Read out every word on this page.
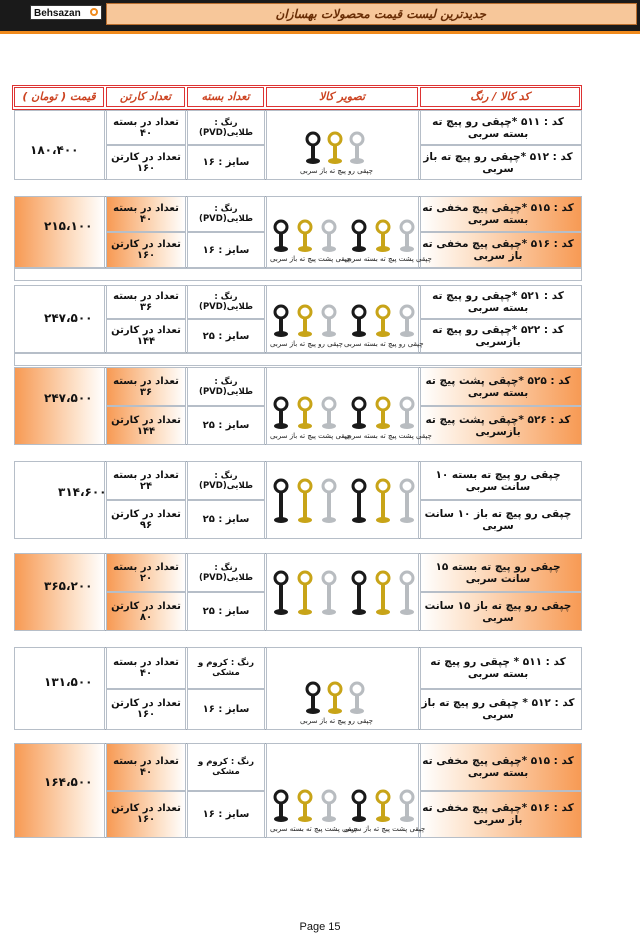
Behsazan	جدیدترین لیست قیمت محصولات بهسازان
کد کالا / رنگ
تصویر کالا
تعداد بسته
تعداد کارتن
قیمت ( تومان )
کد : ۵۱۱ *چپقی رو پیچ ته بسته سربی
کد : ۵۱۲ *چپقی رو پیچ ته باز سربی
رنگ : طلایی(PVD)
سایز : ۱۶
تعداد در بسته ۴۰
تعداد در کارتن ۱۶۰
۱۸۰،۴۰۰
چپقی رو پیچ ته باز سربی
کد : ۵۱۵ *چپقی پیچ مخفی ته بسته سربی
کد : ۵۱۶ *چپقی پیچ مخفی ته باز سربی
رنگ : طلایی(PVD)
سایز : ۱۶
تعداد در بسته ۴۰
تعداد در کارتن ۱۶۰
۲۱۵،۱۰۰
چپقی پشت پیچ ته باز سربی
چپقی پشت پیچ ته بسته سربی
کد : ۵۲۱ *چپقی رو پیچ ته بسته سربی
کد : ۵۲۲ *چپقی رو پیچ ته بازسربی
رنگ : طلایی(PVD)
سایز : ۲۵
تعداد در بسته ۳۶
تعداد در کارتن ۱۴۴
۲۴۷،۵۰۰
چپقی رو پیچ ته باز سربی چپقی رو پیچ ته بسته سربی
کد : ۵۲۵ *چپقی پشت پیچ ته بسته سربی
کد : ۵۲۶ *چپقی پشت پیچ ته بازسربی
رنگ : طلایی(PVD)
سایز : ۲۵
تعداد در بسته ۳۶
تعداد در کارتن ۱۴۴
۲۴۷،۵۰۰
چپقی پشت پیچ ته باز سربی
چپقی پشت پیچ ته بسته سربی
چپقی رو پیچ ته بسته ۱۰ سانت سربی
چپقی رو پیچ ته باز ۱۰ سانت سربی
رنگ : طلایی(PVD)
سایز : ۲۵
تعداد در بسته ۲۴
تعداد در کارتن ۹۶
۳۱۴،۶۰۰
چپقی رو پیچ ته بسته ۱۵ سانت سربی
چپقی رو پیچ ته باز ۱۵ سانت سربی
رنگ : طلایی(PVD)
سایز : ۲۵
تعداد در بسته ۲۰
تعداد در کارتن ۸۰
۳۶۵،۲۰۰
کد : ۵۱۱ * چپقی رو پیچ ته بسته سربی
کد : ۵۱۲ * چپقی رو پیچ ته باز سربی
رنگ : کروم و مشکی
سایز : ۱۶
تعداد در بسته ۴۰
تعداد در کارتن ۱۶۰
۱۳۱،۵۰۰
چپقی رو پیچ ته باز سربی
کد : ۵۱۵ *چپقی پیچ مخفی ته بسته سربی
کد : ۵۱۶ *چپقی پیچ مخفی ته باز سربی
رنگ : کروم و مشکی
سایز : ۱۶
تعداد در بسته ۴۰
تعداد در کارتن ۱۶۰
۱۶۴،۵۰۰
چپقی پشت پیچ ته بسته سربی
چپقی پشت پیچ ته باز سربی
Page 15
